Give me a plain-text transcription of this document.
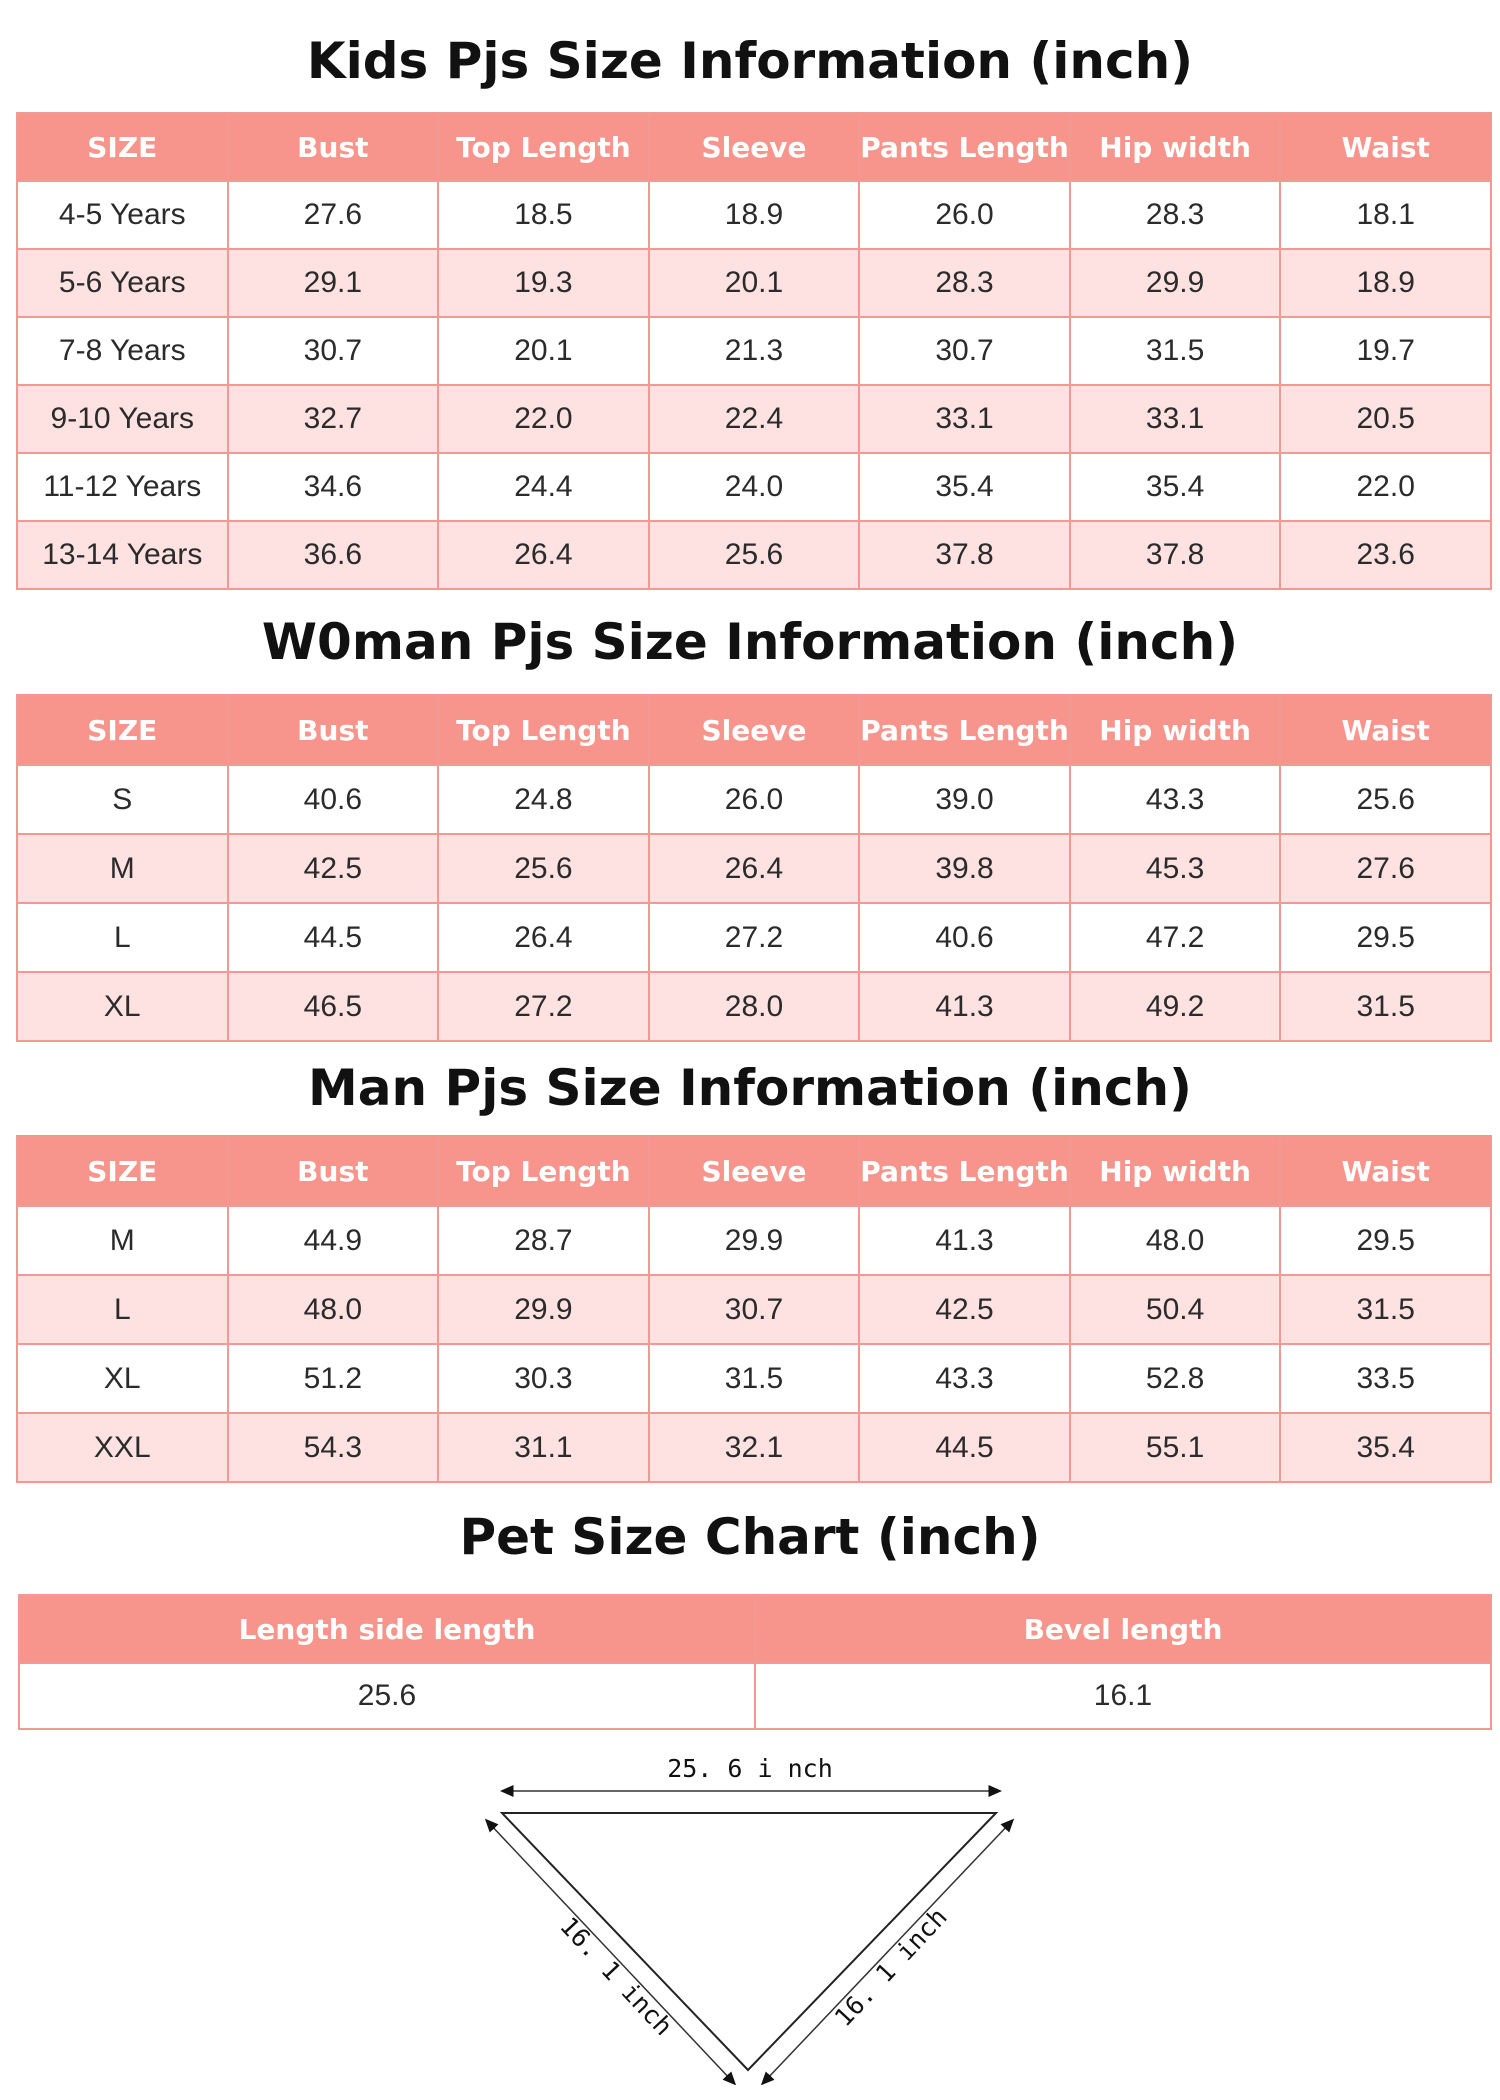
Kids Pjs Size Information (inch)
SIZE	Bust	Top Length	Sleeve	Pants Length	Hip width	Waist
4-5 Years	27.6	18.5	18.9	26.0	28.3	18.1
5-6 Years	29.1	19.3	20.1	28.3	29.9	18.9
7-8 Years	30.7	20.1	21.3	30.7	31.5	19.7
9-10 Years	32.7	22.0	22.4	33.1	33.1	20.5
11-12 Years	34.6	24.4	24.0	35.4	35.4	22.0
13-14 Years	36.6	26.4	25.6	37.8	37.8	23.6
W0man Pjs Size Information (inch)
SIZE	Bust	Top Length	Sleeve	Pants Length	Hip width	Waist
S	40.6	24.8	26.0	39.0	43.3	25.6
M	42.5	25.6	26.4	39.8	45.3	27.6
L	44.5	26.4	27.2	40.6	47.2	29.5
XL	46.5	27.2	28.0	41.3	49.2	31.5
Man Pjs Size Information (inch)
SIZE	Bust	Top Length	Sleeve	Pants Length	Hip width	Waist
M	44.9	28.7	29.9	41.3	48.0	29.5
L	48.0	29.9	30.7	42.5	50.4	31.5
XL	51.2	30.3	31.5	43.3	52.8	33.5
XXL	54.3	31.1	32.1	44.5	55.1	35.4
Pet Size Chart (inch)
Length side length	Bevel length
25.6	16.1
25. 6 i nch
16. 1 inch	16. 1 inch
